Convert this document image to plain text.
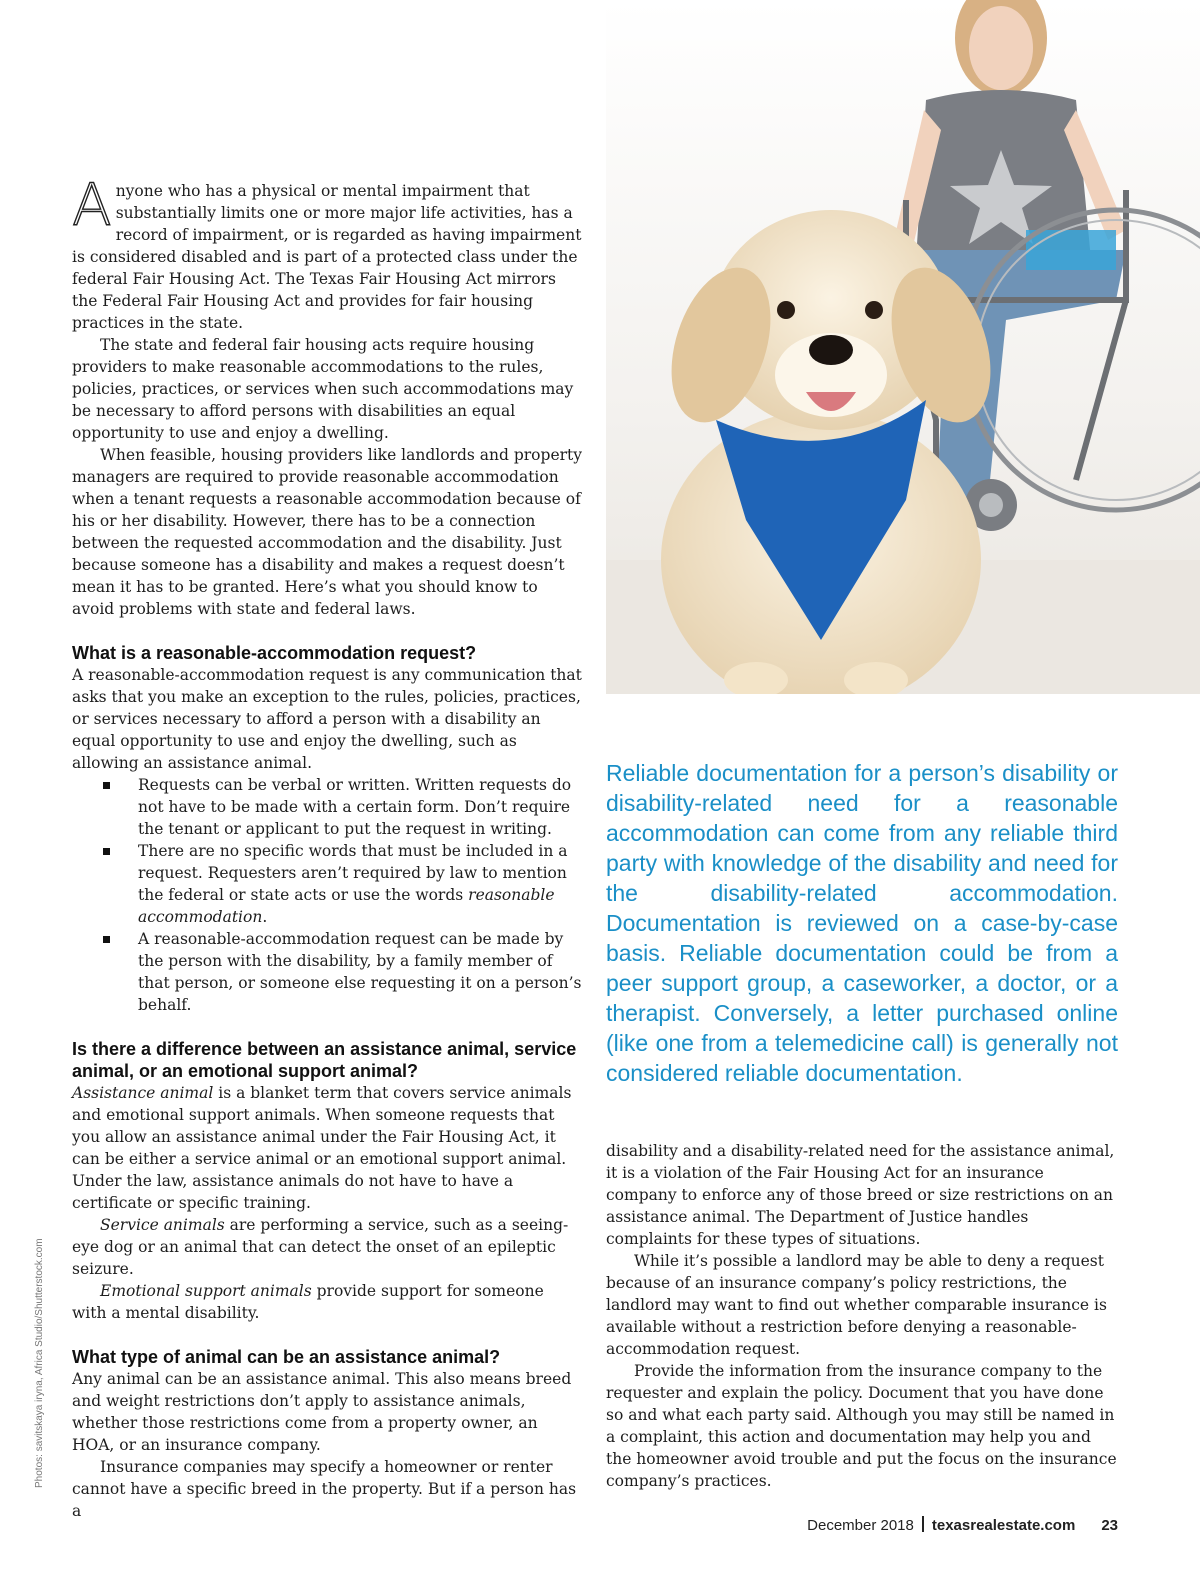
Anyone who has a physical or mental impairment that substantially limits one or more major life activities, has a record of impairment, or is regarded as having impairment is considered disabled and is part of a protected class under the federal Fair Housing Act. The Texas Fair Housing Act mirrors the Federal Fair Housing Act and provides for fair housing practices in the state.

The state and federal fair housing acts require housing providers to make reasonable accommodations to the rules, policies, practices, or services when such accommodations may be necessary to afford persons with disabilities an equal opportunity to use and enjoy a dwelling.

When feasible, housing providers like landlords and property managers are required to provide reasonable accommodation when a tenant requests a reasonable accommodation because of his or her disability. However, there has to be a connection between the requested accommodation and the disability. Just because someone has a disability and makes a request doesn’t mean it has to be granted. Here’s what you should know to avoid problems with state and federal laws.

What is a reasonable-accommodation request?

A reasonable-accommodation request is any communication that asks that you make an exception to the rules, policies, practices, or services necessary to afford a person with a disability an equal opportunity to use and enjoy the dwelling, such as allowing an assistance animal.

Requests can be verbal or written. Written requests do not have to be made with a certain form. Don’t require the tenant or applicant to put the request in writing.
There are no specific words that must be included in a request. Requesters aren’t required by law to mention the federal or state acts or use the words reasonable accommodation.
A reasonable-accommodation request can be made by the person with the disability, by a family member of that person, or someone else requesting it on a person’s behalf.
Is there a difference between an assistance animal, service animal, or an emotional support animal?

Assistance animal is a blanket term that covers service animals and emotional support animals. When someone requests that you allow an assistance animal under the Fair Housing Act, it can be either a service animal or an emotional support animal. Under the law, assistance animals do not have to have a certificate or specific training.

Service animals are performing a service, such as a seeing-eye dog or an animal that can detect the onset of an epileptic seizure.

Emotional support animals provide support for someone with a mental disability.

What type of animal can be an assistance animal?

Any animal can be an assistance animal. This also means breed and weight restrictions don’t apply to assistance animals, whether those restrictions come from a property owner, an HOA, or an insurance company.

Insurance companies may specify a homeowner or renter cannot have a specific breed in the property. But if a person has a

Reliable documentation for a person’s disability or disability-related need for a reasonable accommodation can come from any reliable third party with knowledge of the disability and need for the disability-related accommodation. Documentation is reviewed on a case-by-case basis. Reliable documentation could be from a peer support group, a caseworker, a doctor, or a therapist. Conversely, a letter purchased online (like one from a telemedicine call) is generally not considered reliable documentation.

disability and a disability-related need for the assistance animal, it is a violation of the Fair Housing Act for an insurance company to enforce any of those breed or size restrictions on an assistance animal. The Department of Justice handles complaints for these types of situations.

While it’s possible a landlord may be able to deny a request because of an insurance company’s policy restrictions, the landlord may want to find out whether comparable insurance is available without a restriction before denying a reasonable-accommodation request.

Provide the information from the insurance company to the requester and explain the policy. Document that you have done so and what each party said. Although you may still be named in a complaint, this action and documentation may help you and the homeowner avoid trouble and put the focus on the insurance company’s practices.

Photos: savitskaya iryna, Africa Studio/Shutterstock.com
December 2018 texasrealestate.com 23
